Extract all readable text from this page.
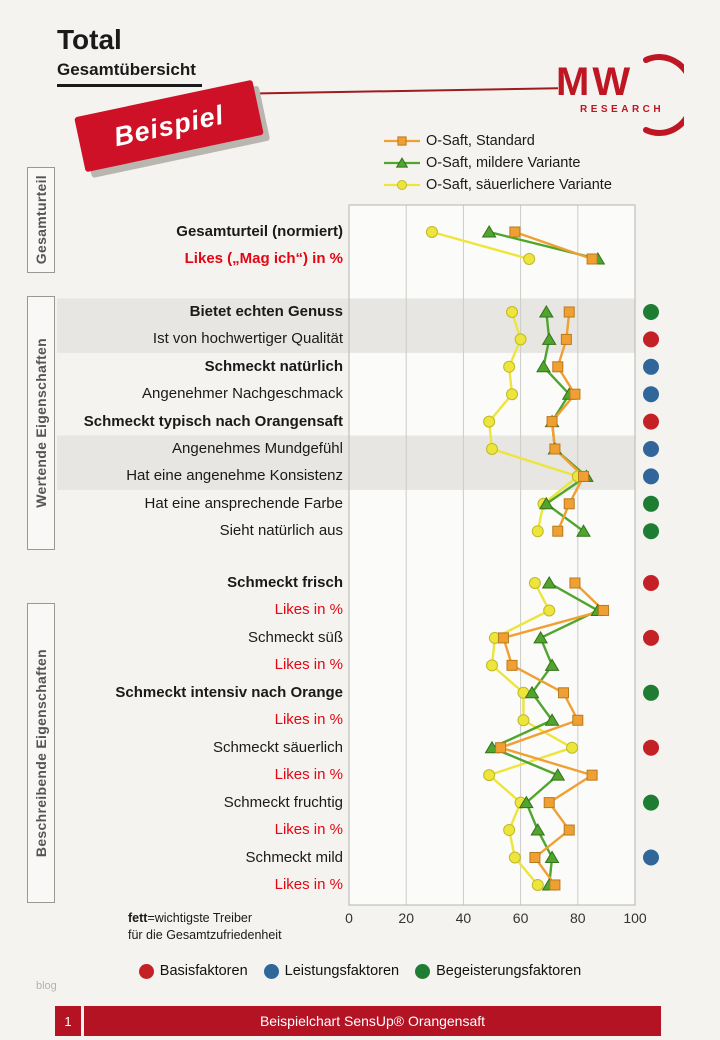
Total
Gesamtübersicht
Beispiel
MW
RESEARCH
O-Saft, Standard
O-Saft, mildere Variante
O-Saft, säuerlichere Variante
Gesamturteil
Wertende Eigenschaften
Beschreibende Eigenschaften
0	20	40	60	80	100
Gesamturteil (normiert)
Likes („Mag ich“) in %
Bietet echten Genuss
Ist von hochwertiger Qualität
Schmeckt natürlich
Angenehmer Nachgeschmack
Schmeckt typisch nach Orangensaft
Angenehmes Mundgefühl
Hat eine angenehme Konsistenz
Hat eine ansprechende Farbe
Sieht natürlich aus
Schmeckt frisch
Likes in %
Schmeckt süß
Likes in %
Schmeckt intensiv nach Orange
Likes in %
Schmeckt säuerlich
Likes in %
Schmeckt fruchtig
Likes in %
Schmeckt mild
Likes in %
fett=wichtigste Treiber
für die Gesamtzufriedenheit
Basisfaktoren	Leistungsfaktoren	Begeisterungsfaktoren
1	Beispielchart SensUp® Orangensaft
blog
